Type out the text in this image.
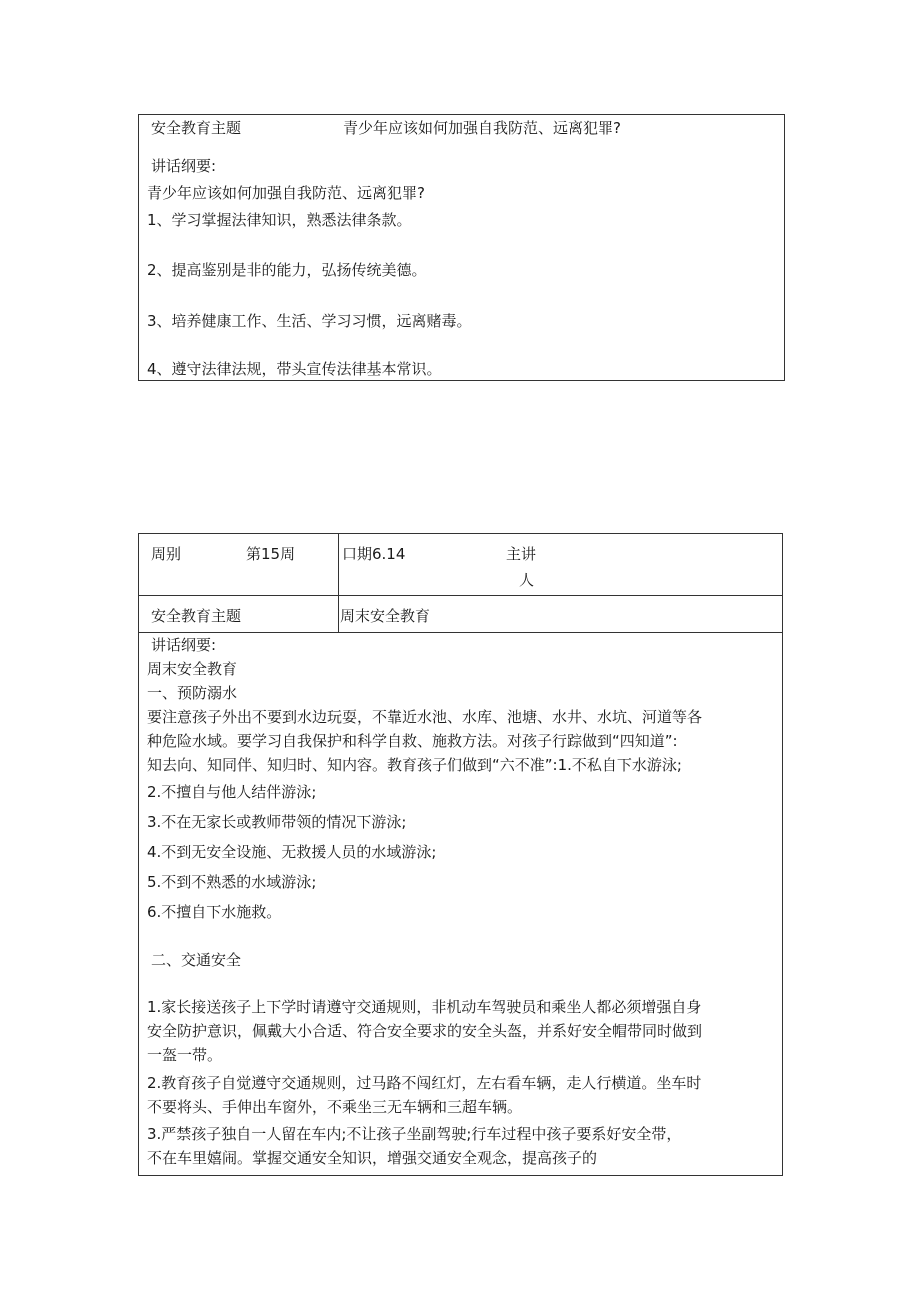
安全教育主题	青少年应该如何加强自我防范、远离犯罪?
讲话纲要:
青少年应该如何加强自我防范、远离犯罪?
1、学习掌握法律知识，熟悉法律条款。
2、提高鉴别是非的能力，弘扬传统美德。
3、培养健康工作、生活、学习习惯，远离赌毒。
4、遵守法律法规，带头宣传法律基本常识。
周别	第15周	口期6.14	主讲
人
安全教育主题	周末安全教育
讲话纲要:
周末安全教育
一、预防溺水
要注意孩子外出不要到水边玩耍，不靠近水池、水库、池塘、水井、水坑、河道等各
种危险水域。要学习自我保护和科学自救、施救方法。对孩子行踪做到“四知道”:
知去向、知同伴、知归时、知内容。教育孩子们做到“六不准”:1.不私自下水游泳;
2.不擅自与他人结伴游泳;
3.不在无家长或教师带领的情况下游泳;
4.不到无安全设施、无救援人员的水域游泳;
5.不到不熟悉的水域游泳;
6.不擅自下水施救。
二、交通安全
1.家长接送孩子上下学时请遵守交通规则，非机动车驾驶员和乘坐人都必须增强自身
安全防护意识，佩戴大小合适、符合安全要求的安全头盔，并系好安全帽带同时做到
一盔一带。
2.教育孩子自觉遵守交通规则，过马路不闯红灯，左右看车辆，走人行横道。坐车时
不要将头、手伸出车窗外，不乘坐三无车辆和三超车辆。
3.严禁孩子独自一人留在车内;不让孩子坐副驾驶;行车过程中孩子要系好安全带，
不在车里嬉闹。掌握交通安全知识，增强交通安全观念，提高孩子的
